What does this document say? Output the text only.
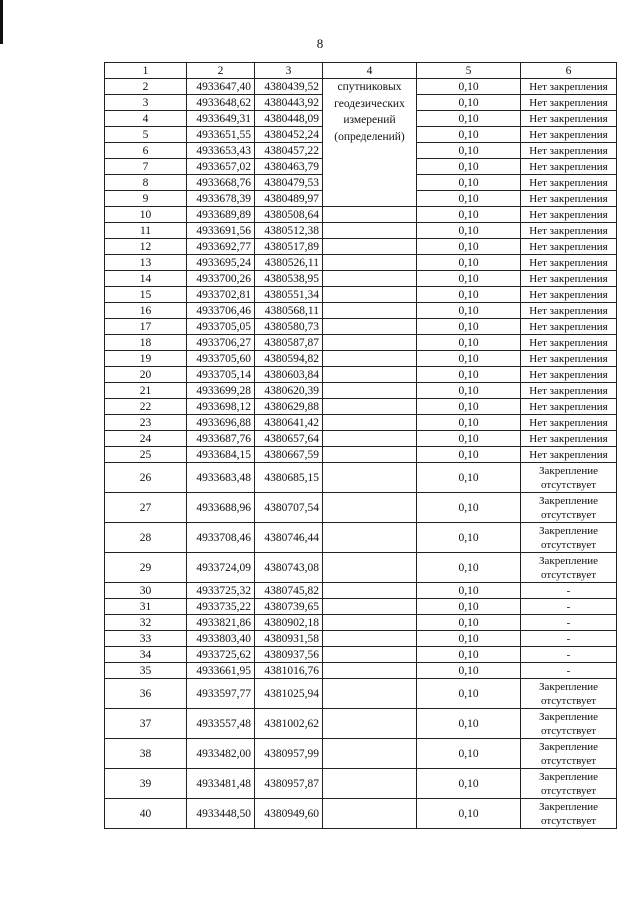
8
1	2	3	4	5	6
2	4933647,40	4380439,52	спутниковых геодезических измерений (определений)	0,10	Нет закрепления
3	4933648,62	4380443,92		0,10	Нет закрепления
4	4933649,31	4380448,09		0,10	Нет закрепления
5	4933651,55	4380452,24		0,10	Нет закрепления
6	4933653,43	4380457,22		0,10	Нет закрепления
7	4933657,02	4380463,79		0,10	Нет закрепления
8	4933668,76	4380479,53		0,10	Нет закрепления
9	4933678,39	4380489,97		0,10	Нет закрепления
10	4933689,89	4380508,64		0,10	Нет закрепления
11	4933691,56	4380512,38		0,10	Нет закрепления
12	4933692,77	4380517,89		0,10	Нет закрепления
13	4933695,24	4380526,11		0,10	Нет закрепления
14	4933700,26	4380538,95		0,10	Нет закрепления
15	4933702,81	4380551,34		0,10	Нет закрепления
16	4933706,46	4380568,11		0,10	Нет закрепления
17	4933705,05	4380580,73		0,10	Нет закрепления
18	4933706,27	4380587,87		0,10	Нет закрепления
19	4933705,60	4380594,82		0,10	Нет закрепления
20	4933705,14	4380603,84		0,10	Нет закрепления
21	4933699,28	4380620,39		0,10	Нет закрепления
22	4933698,12	4380629,88		0,10	Нет закрепления
23	4933696,88	4380641,42		0,10	Нет закрепления
24	4933687,76	4380657,64		0,10	Нет закрепления
25	4933684,15	4380667,59		0,10	Нет закрепления
26	4933683,48	4380685,15		0,10	Закрепление отсутствует
27	4933688,96	4380707,54		0,10	Закрепление отсутствует
28	4933708,46	4380746,44		0,10	Закрепление отсутствует
29	4933724,09	4380743,08		0,10	Закрепление отсутствует
30	4933725,32	4380745,82		0,10	-
31	4933735,22	4380739,65		0,10	-
32	4933821,86	4380902,18		0,10	-
33	4933803,40	4380931,58		0,10	-
34	4933725,62	4380937,56		0,10	-
35	4933661,95	4381016,76		0,10	-
36	4933597,77	4381025,94		0,10	Закрепление отсутствует
37	4933557,48	4381002,62		0,10	Закрепление отсутствует
38	4933482,00	4380957,99		0,10	Закрепление отсутствует
39	4933481,48	4380957,87		0,10	Закрепление отсутствует
40	4933448,50	4380949,60		0,10	Закрепление отсутствует
